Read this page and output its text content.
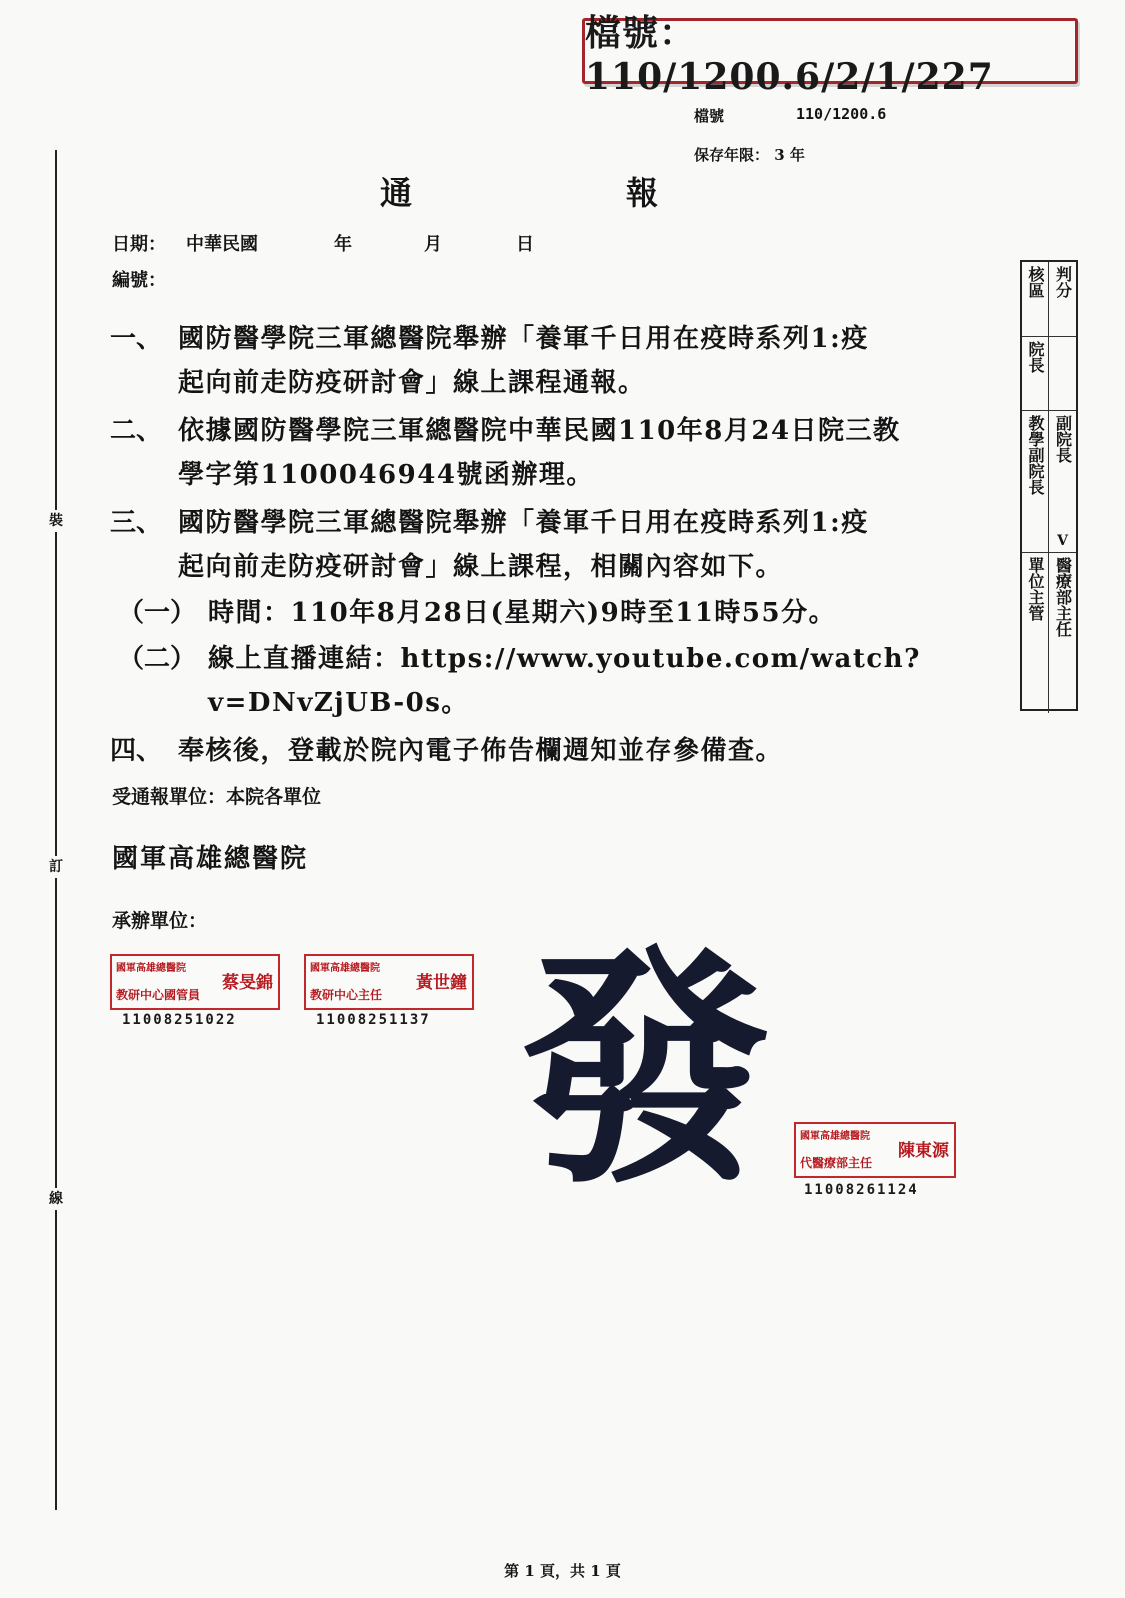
檔號：110/1200.6/2/1/227
檔號	110/1200.6
保存年限： 3 年
裝
訂
線
通	報
日期： 中華民國	年	月	日
編號：
一、 國防醫學院三軍總醫院舉辦「養軍千日用在疫時系列1:疫
起向前走防疫研討會」線上課程通報。
二、 依據國防醫學院三軍總醫院中華民國110年8月24日院三教
學字第1100046944號函辦理。
三、 國防醫學院三軍總醫院舉辦「養軍千日用在疫時系列1:疫
起向前走防疫研討會」線上課程，相關內容如下。
（一） 時間：110年8月28日(星期六)9時至11時55分。
（二） 線上直播連結：https://www.youtube.com/watch?
v=DNvZjUB-0s。
四、 奉核後，登載於院內電子佈告欄週知並存參備查。
受通報單位：本院各單位
國軍高雄總醫院
承辦單位：
核區 判分
院長
教學副院長 副院長
V
單位主管 醫療部主任
國軍高雄總醫院
教研中心國管員
蔡旻錦
11008251022
國軍高雄總醫院
教研中心主任
黃世鐘
11008251137
國軍高雄總醫院
代醫療部主任
陳東源
11008261124
發
第 1 頁，共 1 頁
